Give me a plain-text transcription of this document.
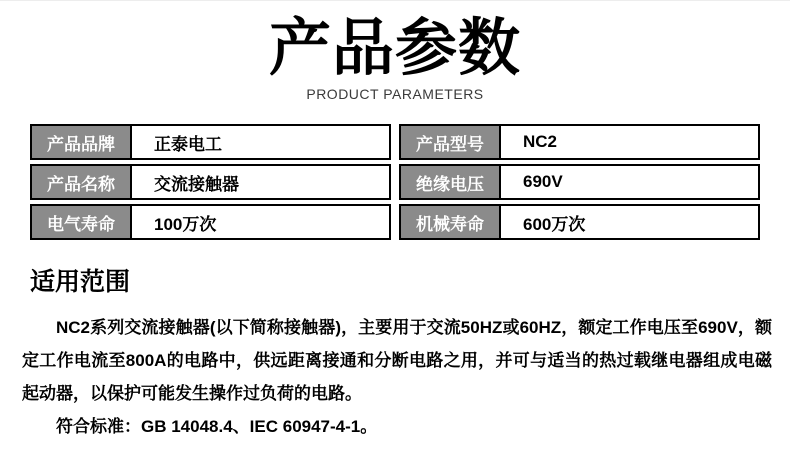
产品参数
PRODUCT PARAMETERS
产品品牌	正泰电工
产品名称	交流接触器
电气寿命	100万次
产品型号	NC2
绝缘电压	690V
机械寿命	600万次
适用范围

NC2系列交流接触器(以下简称接触器)，主要用于交流50HZ或60HZ，额定工作电压至690V，额定工作电流至800A的电路中，供远距离接通和分断电路之用，并可与适当的热过载继电器组成电磁起动器，以保护可能发生操作过负荷的电路。

符合标准：GB 14048.4、IEC 60947-4-1。
